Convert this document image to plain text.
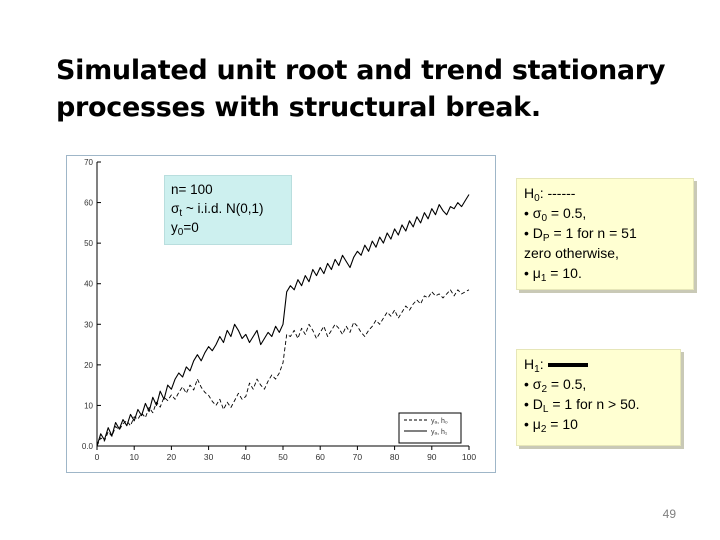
Simulated unit root and trend stationary
processes with structural break.
0.0
10
20
30
40
50
60
70
0	10	20	30	40	50	60	70	80	90	100
yₐ, h₀
yₐ, h₁
n= 100
$\sigma_t$ ~ i.i.d. N(0,1)
$y_0=0$
$H_0$: ------
• $\sigma_0 = 0.5$,
• $D_P = 1$ for n = 51
zero otherwise,
• $\mu_1 = 10$.
$H_1$:
• $\sigma_2 = 0.5$,
• $D_L = 1$ for n > 50.
• $\mu_2 = 10$
49
